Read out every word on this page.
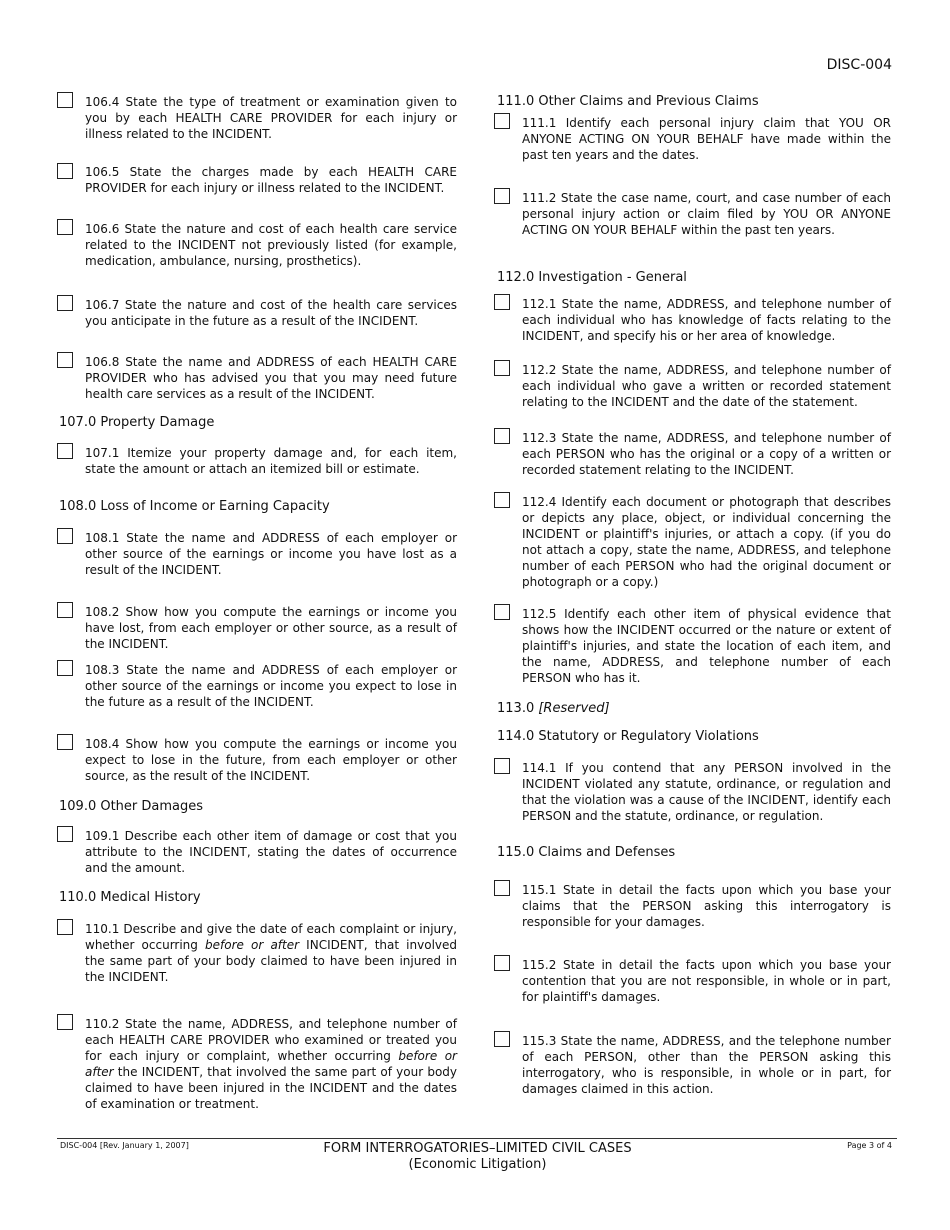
DISC-004
106.4 State the type of treatment or examination given to you by each HEALTH CARE PROVIDER for each injury or illness related to the INCIDENT.
106.5 State the charges made by each HEALTH CARE PROVIDER for each injury or illness related to the INCIDENT.
106.6 State the nature and cost of each health care service related to the INCIDENT not previously listed (for example, medication, ambulance, nursing, prosthetics).
106.7 State the nature and cost of the health care services you anticipate in the future as a result of the INCIDENT.
106.8 State the name and ADDRESS of each HEALTH CARE PROVIDER who has advised you that you may need future health care services as a result of the INCIDENT.
107.0 Property Damage
107.1 Itemize your property damage and, for each item, state the amount or attach an itemized bill or estimate.
108.0 Loss of Income or Earning Capacity
108.1 State the name and ADDRESS of each employer or other source of the earnings or income you have lost as a result of the INCIDENT.
108.2 Show how you compute the earnings or income you have lost, from each employer or other source, as a result of the INCIDENT.
108.3 State the name and ADDRESS of each employer or other source of the earnings or income you expect to lose in the future as a result of the INCIDENT.
108.4 Show how you compute the earnings or income you expect to lose in the future, from each employer or other source, as the result of the INCIDENT.
109.0 Other Damages
109.1 Describe each other item of damage or cost that you attribute to the INCIDENT, stating the dates of occurrence and the amount.
110.0 Medical History
110.1 Describe and give the date of each complaint or injury, whether occurring before or after INCIDENT, that involved the same part of your body claimed to have been injured in the INCIDENT.
110.2 State the name, ADDRESS, and telephone number of each HEALTH CARE PROVIDER who examined or treated you for each injury or complaint, whether occurring before or after the INCIDENT, that involved the same part of your body claimed to have been injured in the INCIDENT and the dates of examination or treatment.
111.0 Other Claims and Previous Claims
111.1 Identify each personal injury claim that YOU OR ANYONE ACTING ON YOUR BEHALF have made within the past ten years and the dates.
111.2 State the case name, court, and case number of each personal injury action or claim filed by YOU OR ANYONE ACTING ON YOUR BEHALF within the past ten years.
112.0 Investigation - General
112.1 State the name, ADDRESS, and telephone number of each individual who has knowledge of facts relating to the INCIDENT, and specify his or her area of knowledge.
112.2 State the name, ADDRESS, and telephone number of each individual who gave a written or recorded statement relating to the INCIDENT and the date of the statement.
112.3 State the name, ADDRESS, and telephone number of each PERSON who has the original or a copy of a written or recorded statement relating to the INCIDENT.
112.4 Identify each document or photograph that describes or depicts any place, object, or individual concerning the INCIDENT or plaintiff's injuries, or attach a copy. (if you do not attach a copy, state the name, ADDRESS, and telephone number of each PERSON who had the original document or photograph or a copy.)
112.5 Identify each other item of physical evidence that shows how the INCIDENT occurred or the nature or extent of plaintiff's injuries, and state the location of each item, and the name, ADDRESS, and telephone number of each PERSON who has it.
113.0 [Reserved]
114.0 Statutory or Regulatory Violations
114.1 If you contend that any PERSON involved in the INCIDENT violated any statute, ordinance, or regulation and that the violation was a cause of the INCIDENT, identify each PERSON and the statute, ordinance, or regulation.
115.0 Claims and Defenses
115.1 State in detail the facts upon which you base your claims that the PERSON asking this interrogatory is responsible for your damages.
115.2 State in detail the facts upon which you base your contention that you are not responsible, in whole or in part, for plaintiff's damages.
115.3 State the name, ADDRESS, and the telephone number of each PERSON, other than the PERSON asking this interrogatory, who is responsible, in whole or in part, for damages claimed in this action.
DISC-004 [Rev. January 1, 2007]	FORM INTERROGATORIES–LIMITED CIVIL CASES
(Economic Litigation)
Page 3 of 4
